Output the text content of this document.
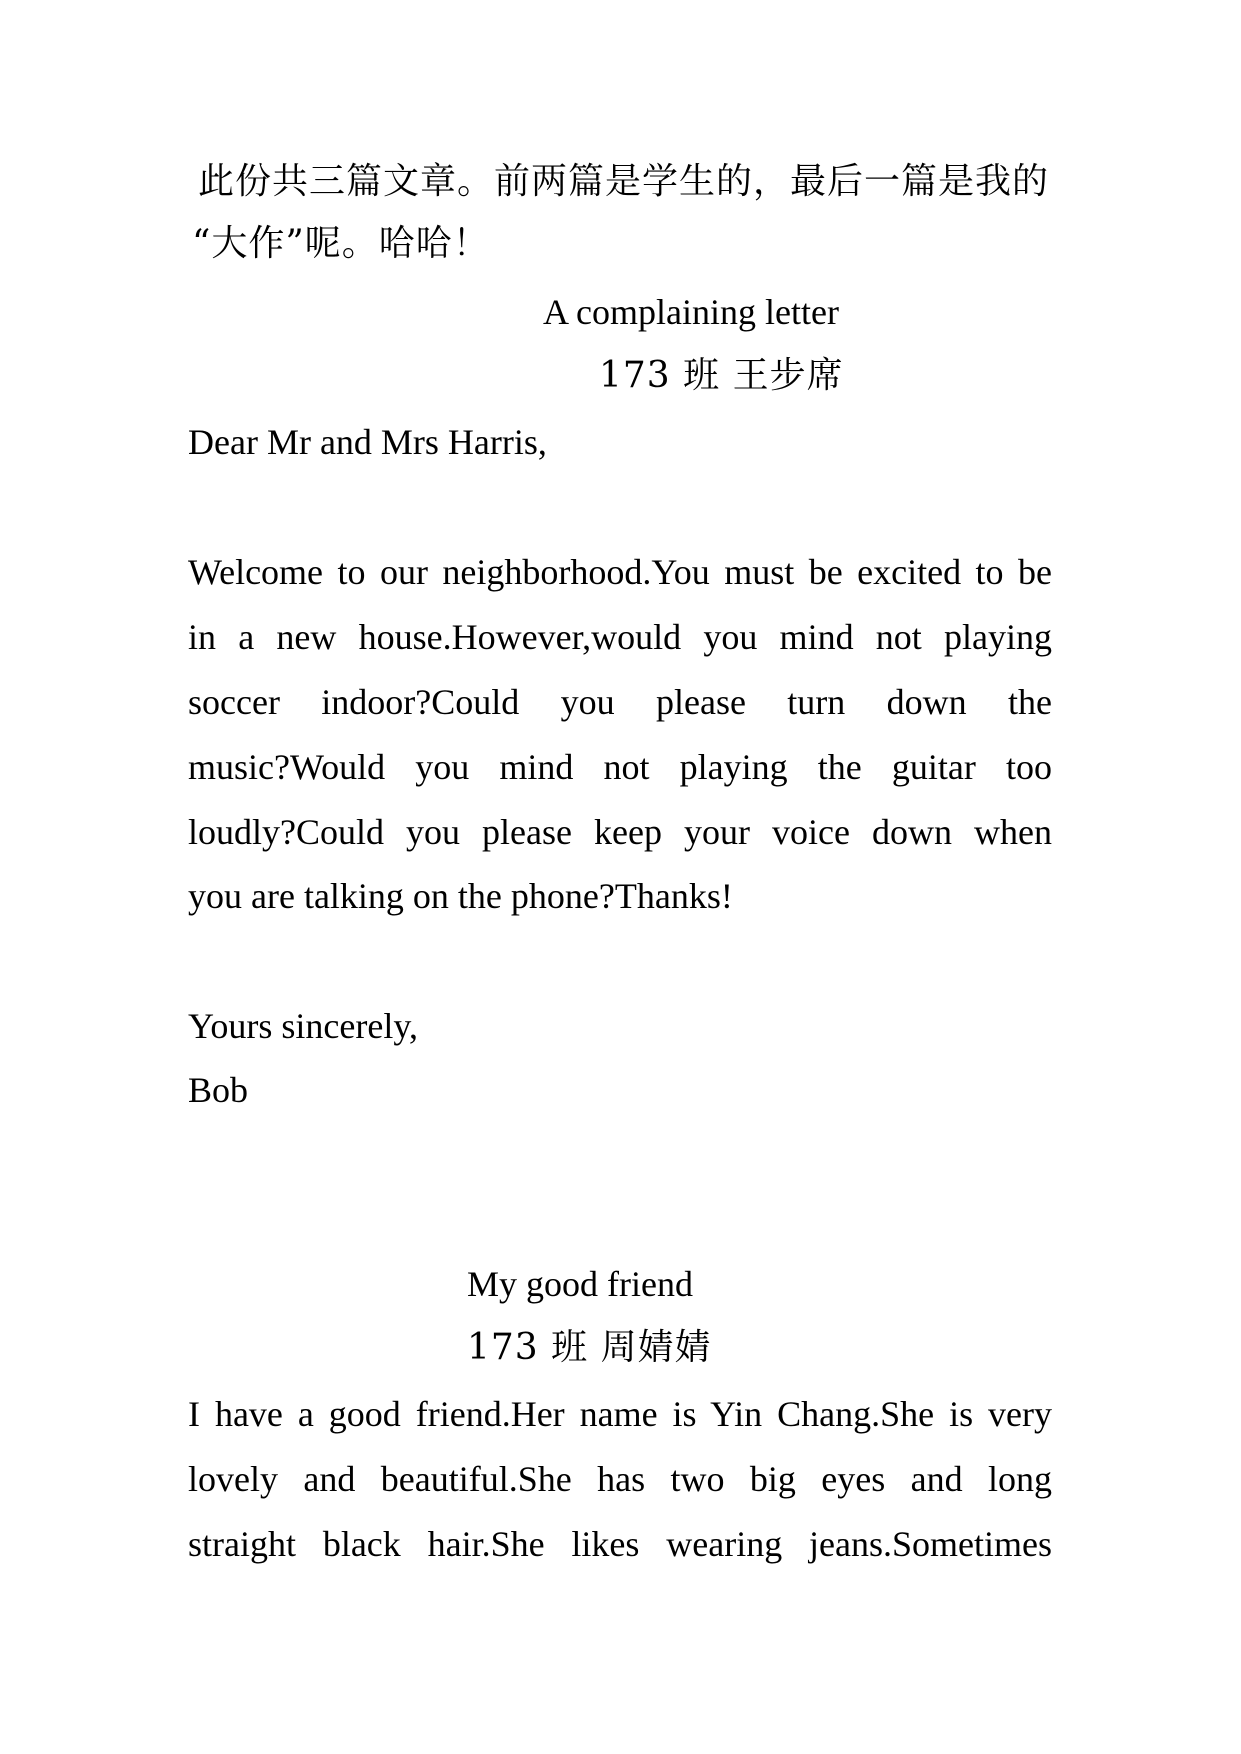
此份共三篇文章。前两篇是学生的，最后一篇是我的
“大作”呢。哈哈！
A complaining letter
173 班 王步席
Dear Mr and Mrs Harris,
Welcome to our neighborhood.You must be excited to be
in a new house.However,would you mind not playing
soccer indoor?Could you please turn down the
music?Would you mind not playing the guitar too
loudly?Could you please keep your voice down when
you are talking on the phone?Thanks!
Yours sincerely,
Bob
My good friend
173 班 周婧婧
I have a good friend.Her name is Yin Chang.She is very
lovely and beautiful.She has two big eyes and long
straight black hair.She likes wearing jeans.Sometimes
